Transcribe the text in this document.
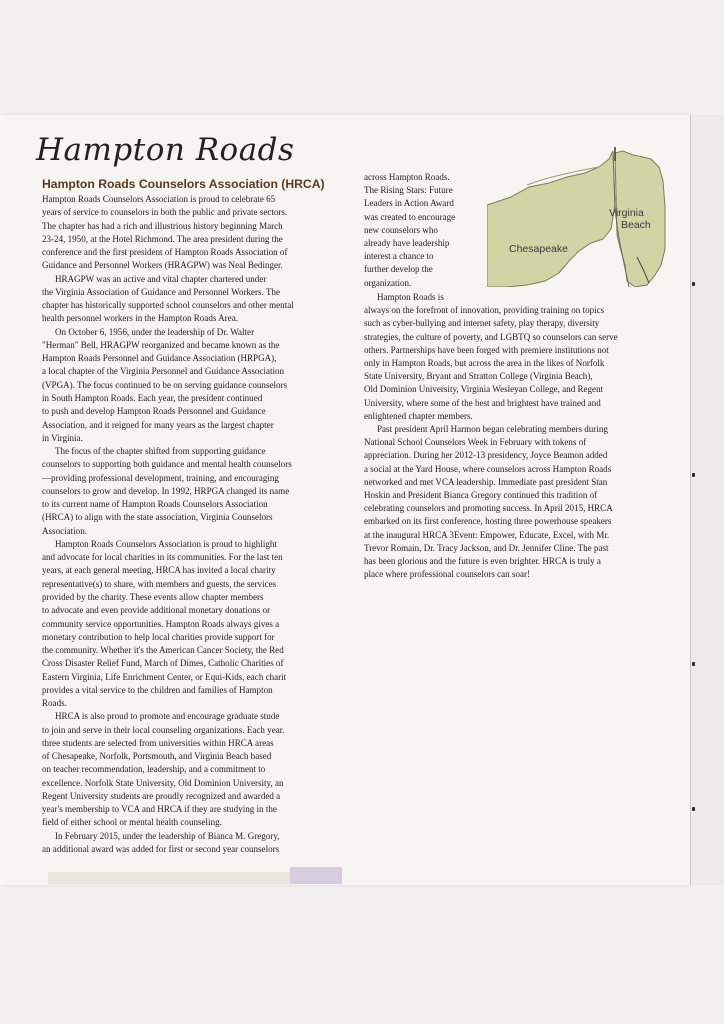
Hampton Roads
Hampton Roads Counselors Association (HRCA)

Hampton Roads Counselors Association is proud to celebrate 65
years of service to counselors in both the public and private sectors.
The chapter has had a rich and illustrious history beginning March
23-24, 1950, at the Hotel Richmond. The area president during the
conference and the first president of Hampton Roads Association of
Guidance and Personnel Workers (HRAGPW) was Neal Bedinger.

HRAGPW was an active and vital chapter chartered under
the Virginia Association of Guidance and Personnel Workers. The
chapter has historically supported school counselors and other mental
health personnel workers in the Hampton Roads Area.

On October 6, 1956, under the leadership of Dr. Walter
"Herman" Bell, HRAGPW reorganized and became known as the
Hampton Roads Personnel and Guidance Association (HRPGA),
a local chapter of the Virginia Personnel and Guidance Association
(VPGA). The focus continued to be on serving guidance counselors
in South Hampton Roads. Each year, the president continued
to push and develop Hampton Roads Personnel and Guidance
Association, and it reigned for many years as the largest chapter
in Virginia.

The focus of the chapter shifted from supporting guidance
counselors to supporting both guidance and mental health counselors
—providing professional development, training, and encouraging
counselors to grow and develop. In 1992, HRPGA changed its name
to its current name of Hampton Roads Counselors Association
(HRCA) to align with the state association, Virginia Counselors
Association.

Hampton Roads Counselors Association is proud to highlight
and advocate for local charities in its communities. For the last ten
years, at each general meeting, HRCA has invited a local charity
representative(s) to share, with members and guests, the services
provided by the charity. These events allow chapter members
to advocate and even provide additional monetary donations or
community service opportunities. Hampton Roads always gives a
monetary contribution to help local charities provide support for
the community. Whether it's the American Cancer Society, the Red
Cross Disaster Relief Fund, March of Dimes, Catholic Charities of
Eastern Virginia, Life Enrichment Center, or Equi-Kids, each charit
provides a vital service to the children and families of Hampton
Roads.

HRCA is also proud to promote and encourage graduate stude
to join and serve in their local counseling organizations. Each year.
three students are selected from universities within HRCA areas
of Chesapeake, Norfolk, Portsmouth, and Virginia Beach based
on teacher recommendation, leadership, and a commitment to
excellence. Norfolk State University, Old Dominion University, an
Regent University students are proudly recognized and awarded a
year's membership to VCA and HRCA if they are studying in the
field of either school or mental health counseling.

In February 2015, under the leadership of Bianca M. Gregory,
an additional award was added for first or second year counselors

Chesapeake
Virginia
Beach
across Hampton Roads.
The Rising Stars: Future
Leaders in Action Award
was created to encourage
new counselors who
already have leadership
interest a chance to
further develop the
organization.

Hampton Roads is
always on the forefront of innovation, providing training on topics
such as cyber-bullying and internet safety, play therapy, diversity
strategies, the culture of poverty, and LGBTQ so counselors can serve
others. Partnerships have been forged with premiere institutions not
only in Hampton Roads, but across the area in the likes of Norfolk
State University, Bryant and Stratton College (Virginia Beach),
Old Dominion University, Virginia Wesleyan College, and Regent
University, where some of the best and brightest have trained and
enlightened chapter members.

Past president April Harmon began celebrating members during
National School Counselors Week in February with tokens of
appreciation. During her 2012-13 presidency, Joyce Beamon added
a social at the Yard House, where counselors across Hampton Roads
networked and met VCA leadership. Immediate past president Stan
Hoskin and President Bianca Gregory continued this tradition of
celebrating counselors and promoting success. In April 2015, HRCA
embarked on its first conference, hosting three powerhouse speakers
at the inaugural HRCA 3Event: Empower, Educate, Excel, with Mr.
Trevor Romain, Dr. Tracy Jackson, and Dr. Jennifer Cline. The past
has been glorious and the future is even brighter. HRCA is truly a
place where professional counselors can soar!
